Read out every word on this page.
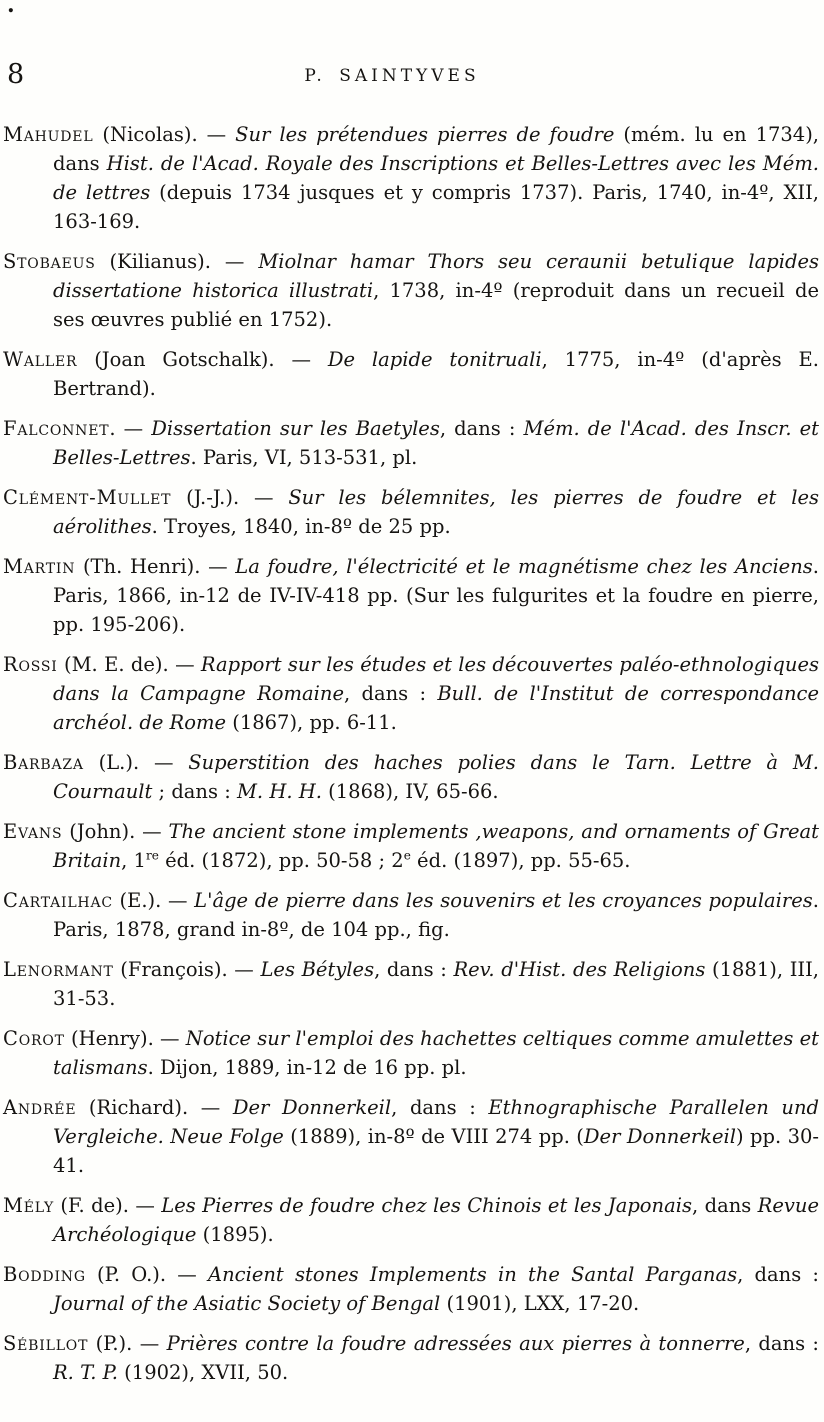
.
8	P. SAINTYVES

Mahudel (Nicolas). — Sur les prétendues pierres de foudre (mém. lu en 1734), dans Hist. de l'Acad. Royale des Inscriptions et Belles-Lettres avec les Mém. de lettres (depuis 1734 jusques et y compris 1737). Paris, 1740, in-4º, XII, 163-169.

Stobaeus (Kilianus). — Miolnar hamar Thors seu ceraunii betulique lapides dissertatione historica illustrati, 1738, in-4º (reproduit dans un recueil de ses œuvres publié en 1752).

Waller (Joan Gotschalk). — De lapide tonitruali, 1775, in-4º (d'après E. Bertrand).

Falconnet. — Dissertation sur les Baetyles, dans : Mém. de l'Acad. des Inscr. et Belles-Lettres. Paris, VI, 513-531, pl.

Clément-Mullet (J.-J.). — Sur les bélemnites, les pierres de foudre et les aérolithes. Troyes, 1840, in-8º de 25 pp.

Martin (Th. Henri). — La foudre, l'électricité et le magnétisme chez les Anciens. Paris, 1866, in-12 de IV-IV-418 pp. (Sur les fulgurites et la foudre en pierre, pp. 195-206).

Rossi (M. E. de). — Rapport sur les études et les découvertes paléo-ethnologiques dans la Campagne Romaine, dans : Bull. de l'Institut de correspondance archéol. de Rome (1867), pp. 6-11.

Barbaza (L.). — Superstition des haches polies dans le Tarn. Lettre à M. Cournault ; dans : M. H. H. (1868), IV, 65-66.

Evans (John). — The ancient stone implements ,weapons, and ornaments of Great Britain, 1re éd. (1872), pp. 50-58 ; 2e éd. (1897), pp. 55-65.

Cartailhac (E.). — L'âge de pierre dans les souvenirs et les croyances populaires. Paris, 1878, grand in-8º, de 104 pp., fig.

Lenormant (François). — Les Bétyles, dans : Rev. d'Hist. des Religions (1881), III, 31-53.

Corot (Henry). — Notice sur l'emploi des hachettes celtiques comme amulettes et talismans. Dijon, 1889, in-12 de 16 pp. pl.

Andrée (Richard). — Der Donnerkeil, dans : Ethnographische Parallelen und Vergleiche. Neue Folge (1889), in-8º de VIII 274 pp. (Der Donnerkeil) pp. 30-41.

Mély (F. de). — Les Pierres de foudre chez les Chinois et les Japonais, dans Revue Archéologique (1895).

Bodding (P. O.). — Ancient stones Implements in the Santal Parganas, dans : Journal of the Asiatic Society of Bengal (1901), LXX, 17-20.

Sébillot (P.). — Prières contre la foudre adressées aux pierres à tonnerre, dans : R. T. P. (1902), XVII, 50.
